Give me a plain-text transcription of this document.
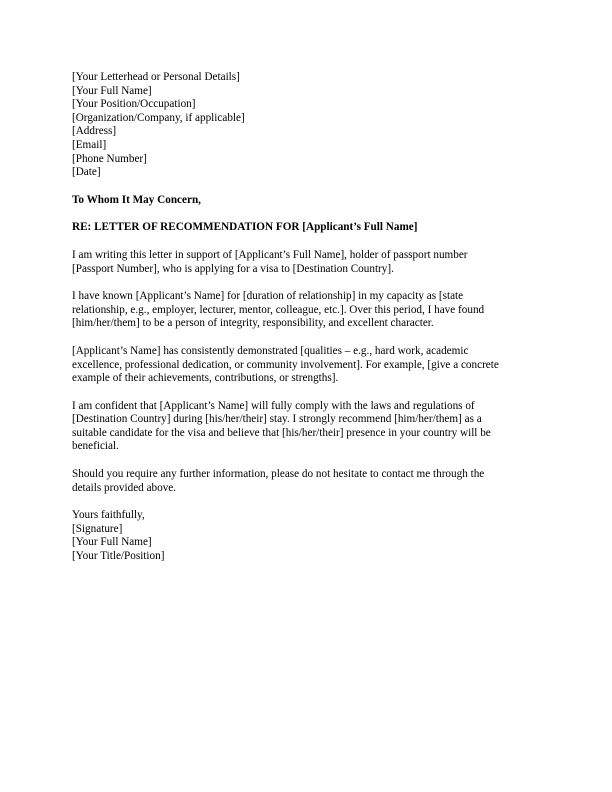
[Your Letterhead or Personal Details]
[Your Full Name]
[Your Position/Occupation]
[Organization/Company, if applicable]
[Address]
[Email]
[Phone Number]
[Date]
To Whom It May Concern,
RE: LETTER OF RECOMMENDATION FOR [Applicant’s Full Name]
I am writing this letter in support of [Applicant’s Full Name], holder of passport number
[Passport Number], who is applying for a visa to [Destination Country].
I have known [Applicant’s Name] for [duration of relationship] in my capacity as [state
relationship, e.g., employer, lecturer, mentor, colleague, etc.]. Over this period, I have found
[him/her/them] to be a person of integrity, responsibility, and excellent character.
[Applicant’s Name] has consistently demonstrated [qualities – e.g., hard work, academic
excellence, professional dedication, or community involvement]. For example, [give a concrete
example of their achievements, contributions, or strengths].
I am confident that [Applicant’s Name] will fully comply with the laws and regulations of
[Destination Country] during [his/her/their] stay. I strongly recommend [him/her/them] as a
suitable candidate for the visa and believe that [his/her/their] presence in your country will be
beneficial.
Should you require any further information, please do not hesitate to contact me through the
details provided above.
Yours faithfully,
[Signature]
[Your Full Name]
[Your Title/Position]
